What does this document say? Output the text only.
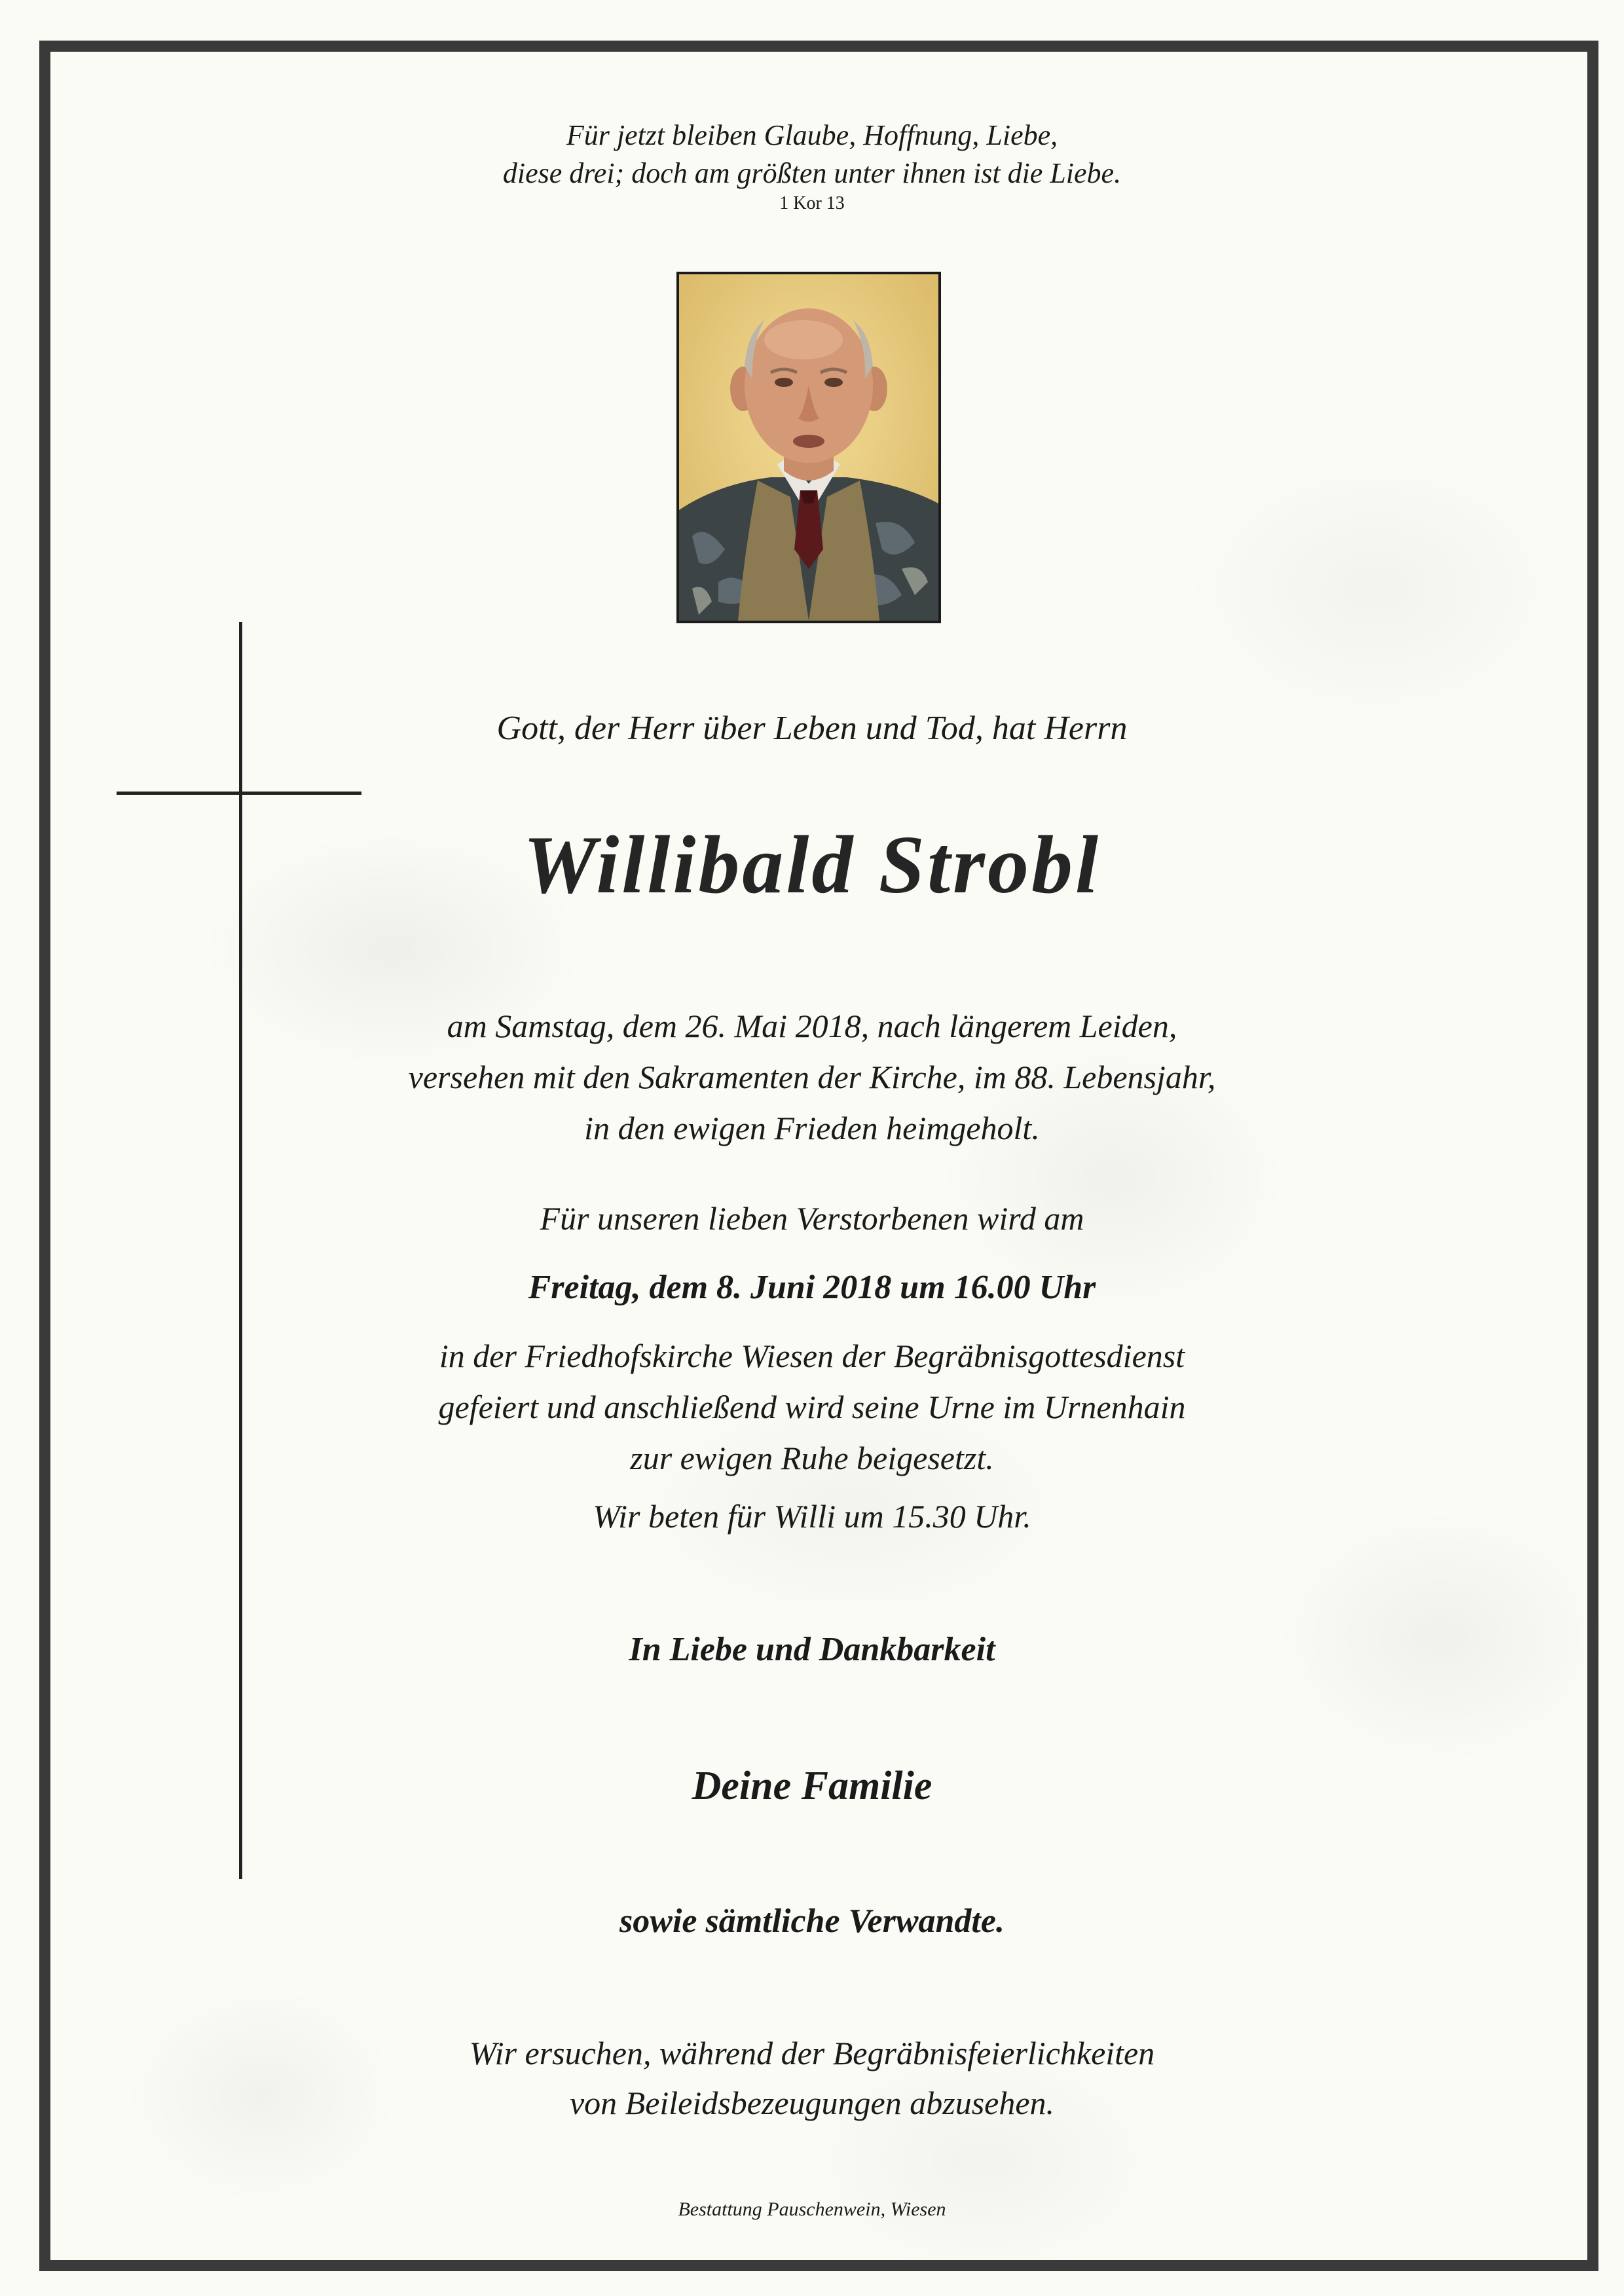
Für jetzt bleiben Glaube, Hoffnung, Liebe,
diese drei; doch am größten unter ihnen ist die Liebe.

1 Kor 13

Gott, der Herr über Leben und Tod, hat Herrn

Willibald Strobl

am Samstag, dem 26. Mai 2018, nach längerem Leiden,
versehen mit den Sakramenten der Kirche, im 88. Lebensjahr,
in den ewigen Frieden heimgeholt.

Für unseren lieben Verstorbenen wird am

Freitag, dem 8. Juni 2018 um 16.00 Uhr

in der Friedhofskirche Wiesen der Begräbnisgottesdienst
gefeiert und anschließend wird seine Urne im Urnenhain
zur ewigen Ruhe beigesetzt.

Wir beten für Willi um 15.30 Uhr.

In Liebe und Dankbarkeit

Deine Familie

sowie sämtliche Verwandte.

Wir ersuchen, während der Begräbnisfeierlichkeiten
von Beileidsbezeugungen abzusehen.

Bestattung Pauschenwein, Wiesen
